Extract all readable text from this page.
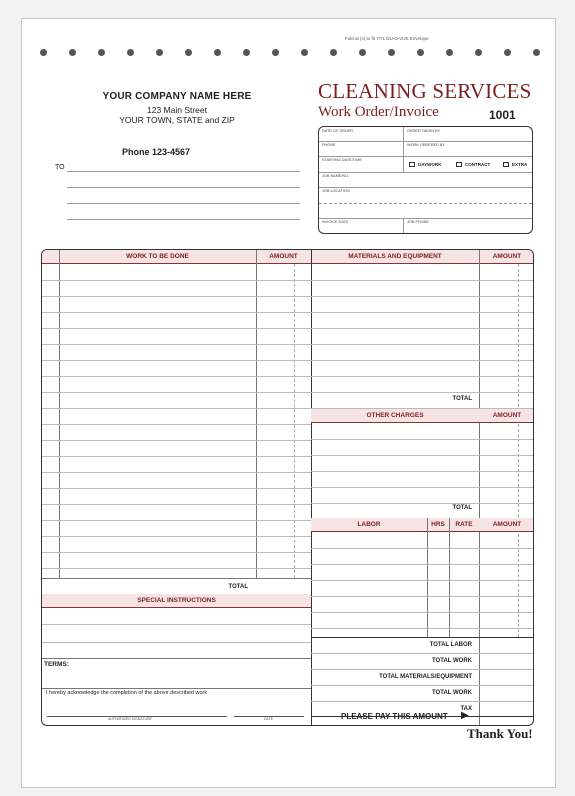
Fold at (x) to fit 7/71 DU-O-VUE Envelope
YOUR COMPANY NAME HERE
123 Main Street
YOUR TOWN, STATE and ZIP
Phone 123-4567
TO
CLEANING SERVICES
Work Order/Invoice	1001
DATE OF ORDER	ORDER TAKEN BY
PHONE	WORK ORDERED BY
STARTING DATE/TIME
DAYWORK	CONTRACT	EXTRA
JOB NAME/NO.
JOB LOCATION
INVOICE DATE	JOB PHONE
WORK TO BE DONE	AMOUNT	MATERIALS AND EQUIPMENT	AMOUNT
TOTAL
SPECIAL INSTRUCTIONS
TERMS:
I hereby acknowledge the completion of the above described work
AUTHORIZED SIGNATURE	DATE
TOTAL
OTHER CHARGES	AMOUNT
TOTAL
LABOR	HRS	RATE	AMOUNT
TOTAL LABOR
TOTAL WORK
TOTAL MATERIALS/EQUIPMENT
TOTAL WORK
TAX
PLEASE PAY THIS AMOUNT ▶
Thank You!
